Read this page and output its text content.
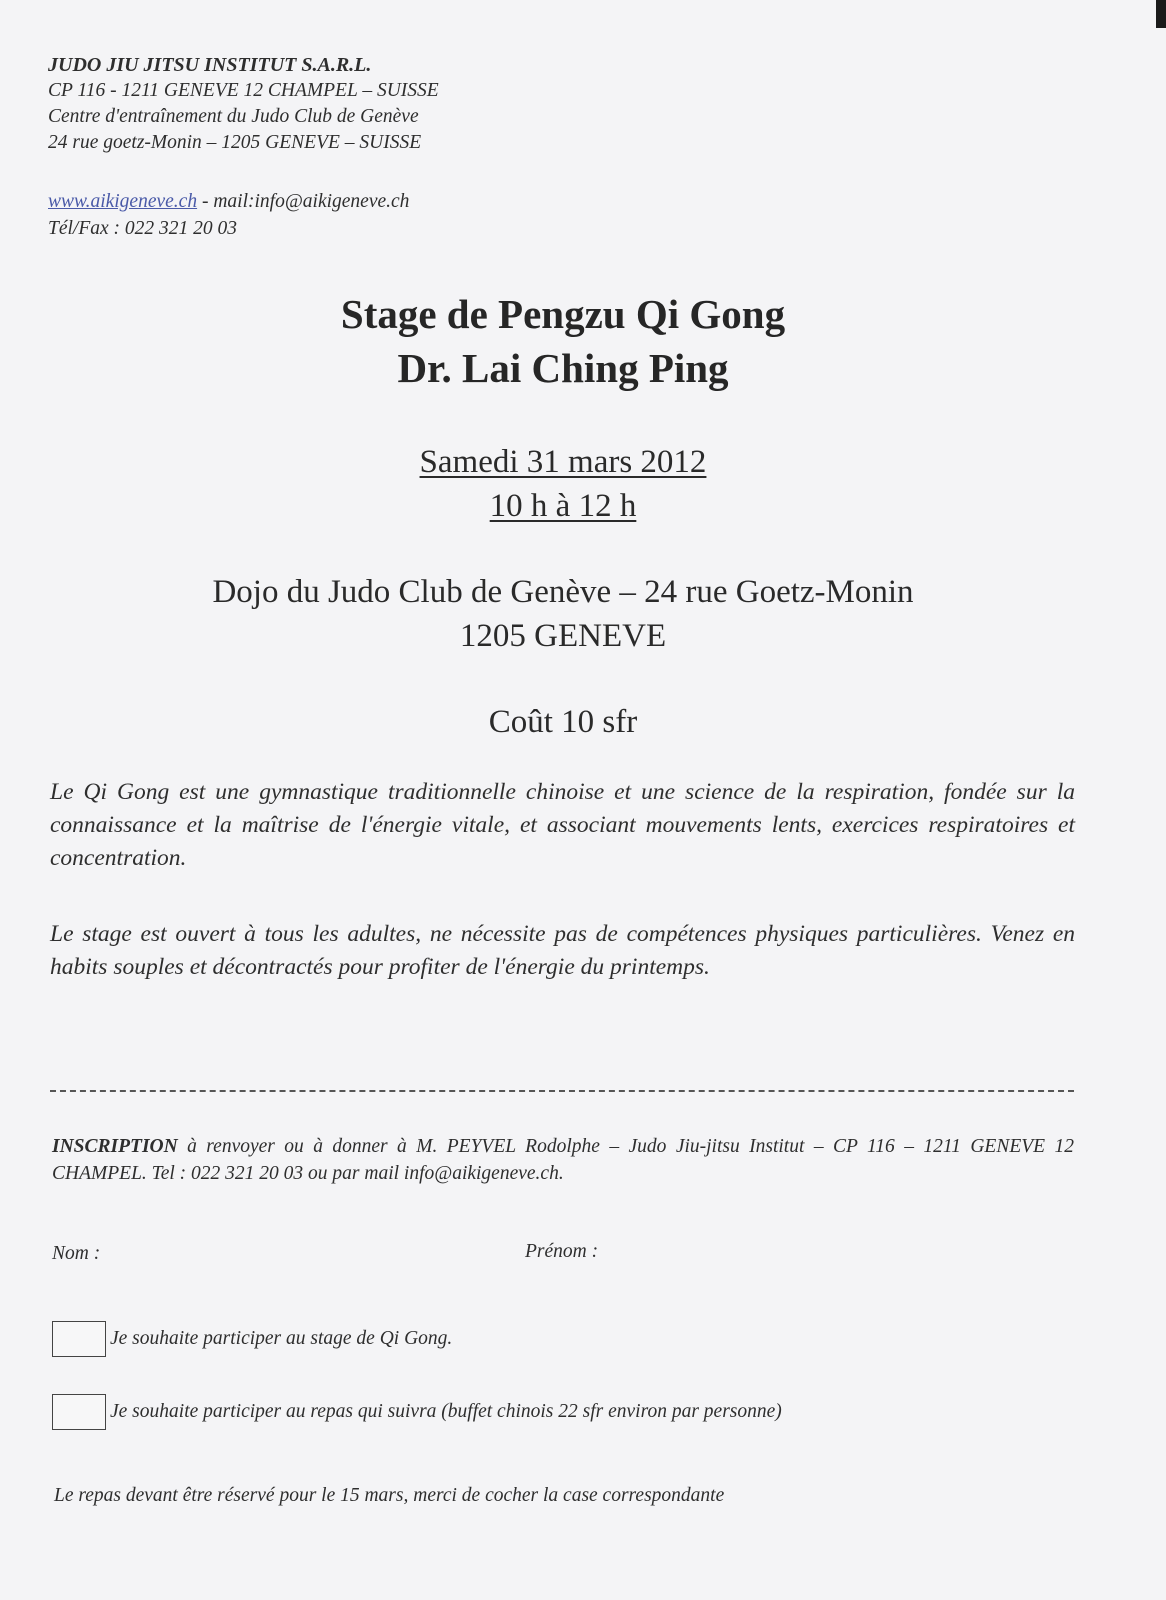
JUDO JIU JITSU INSTITUT S.A.R.L.
CP 116 - 1211 GENEVE 12 CHAMPEL – SUISSE
Centre d'entraînement du Judo Club de Genève
24 rue goetz-Monin – 1205 GENEVE – SUISSE
www.aikigeneve.ch - mail:info@aikigeneve.ch
Tél/Fax : 022 321 20 03
Stage de Pengzu Qi Gong
Dr. Lai Ching Ping
Samedi 31 mars 2012
10 h à 12 h
Dojo du Judo Club de Genève – 24 rue Goetz-Monin
1205 GENEVE
Coût 10 sfr
Le Qi Gong est une gymnastique traditionnelle chinoise et une science de la respiration, fondée sur la connaissance et la maîtrise de l'énergie vitale, et associant mouvements lents, exercices respiratoires et concentration.
Le stage est ouvert à tous les adultes, ne nécessite pas de compétences physiques particulières. Venez en habits souples et décontractés pour profiter de l'énergie du printemps.
INSCRIPTION à renvoyer ou à donner à M. PEYVEL Rodolphe – Judo Jiu-jitsu Institut – CP 116 – 1211 GENEVE 12 CHAMPEL. Tel : 022 321 20 03 ou par mail info@aikigeneve.ch.
Nom :	Prénom :
Je souhaite participer au stage de Qi Gong.
Je souhaite participer au repas qui suivra (buffet chinois 22 sfr environ par personne)
Le repas devant être réservé pour le 15 mars, merci de cocher la case correspondante
